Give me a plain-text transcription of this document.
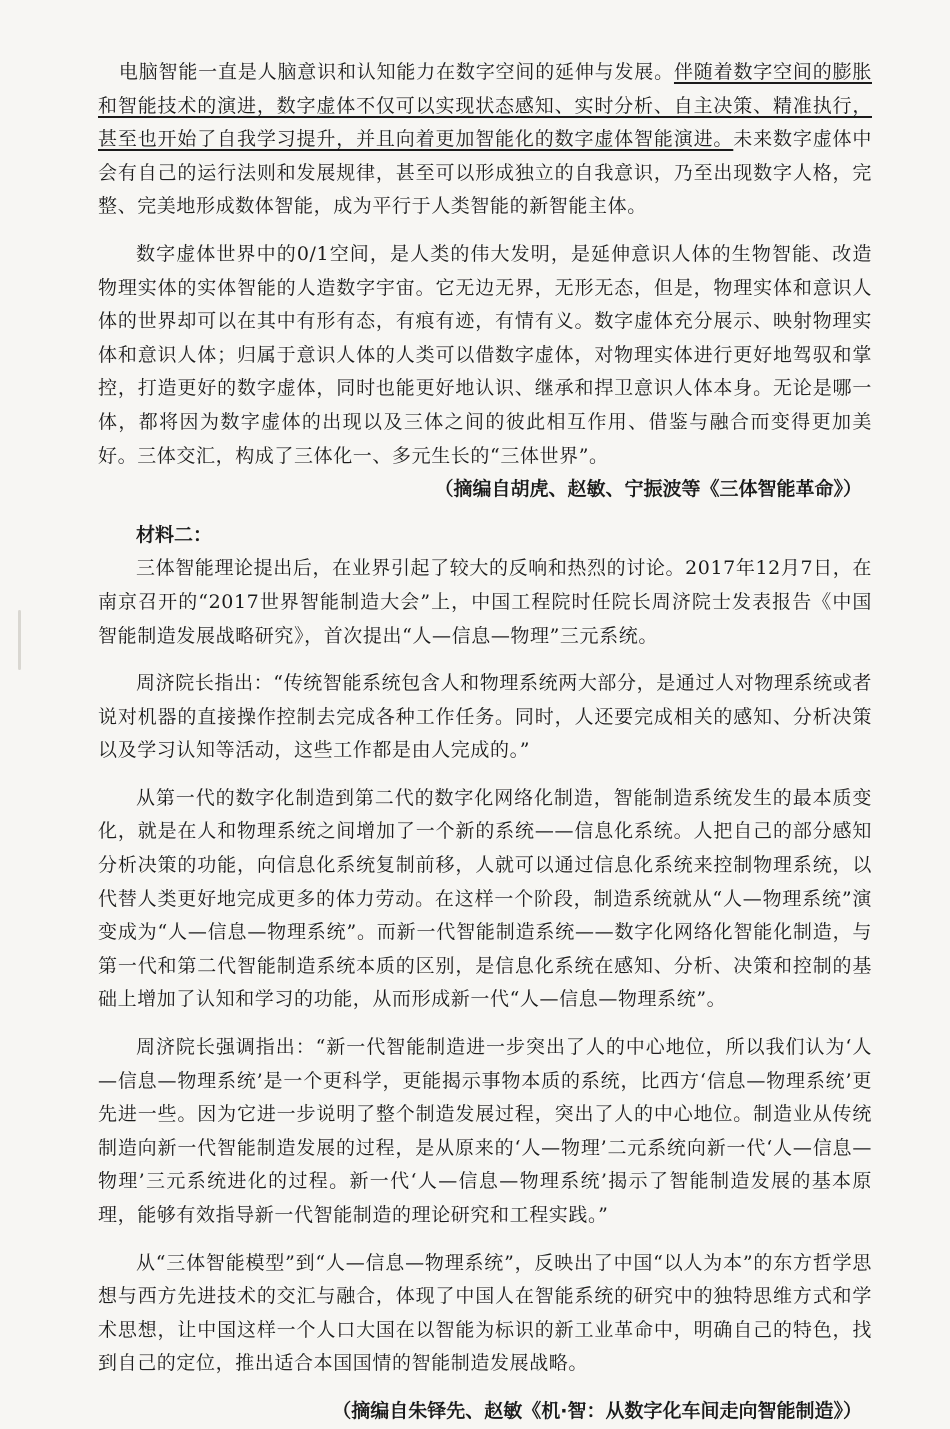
电脑智能一直是人脑意识和认知能力在数字空间的延伸与发展。伴随着数字空间的膨胀和智能技术的演进，数字虚体不仅可以实现状态感知、实时分析、自主决策、精准执行，甚至也开始了自我学习提升，并且向着更加智能化的数字虚体智能演进。未来数字虚体中会有自己的运行法则和发展规律，甚至可以形成独立的自我意识，乃至出现数字人格，完整、完美地形成数体智能，成为平行于人类智能的新智能主体。

数字虚体世界中的0/1空间，是人类的伟大发明，是延伸意识人体的生物智能、改造物理实体的实体智能的人造数字宇宙。它无边无界，无形无态，但是，物理实体和意识人体的世界却可以在其中有形有态，有痕有迹，有情有义。数字虚体充分展示、映射物理实体和意识人体；归属于意识人体的人类可以借数字虚体，对物理实体进行更好地驾驭和掌控，打造更好的数字虚体，同时也能更好地认识、继承和捍卫意识人体本身。无论是哪一体，都将因为数字虚体的出现以及三体之间的彼此相互作用、借鉴与融合而变得更加美好。三体交汇，构成了三体化一、多元生长的“三体世界”。

（摘编自胡虎、赵敏、宁振波等《三体智能革命》）

材料二：

三体智能理论提出后，在业界引起了较大的反响和热烈的讨论。2017年12月7日，在南京召开的“2017世界智能制造大会”上，中国工程院时任院长周济院士发表报告《中国智能制造发展战略研究》，首次提出“人—信息—物理”三元系统。

周济院长指出：“传统智能系统包含人和物理系统两大部分，是通过人对物理系统或者说对机器的直接操作控制去完成各种工作任务。同时，人还要完成相关的感知、分析决策以及学习认知等活动，这些工作都是由人完成的。”

从第一代的数字化制造到第二代的数字化网络化制造，智能制造系统发生的最本质变化，就是在人和物理系统之间增加了一个新的系统——信息化系统。人把自己的部分感知分析决策的功能，向信息化系统复制前移，人就可以通过信息化系统来控制物理系统，以代替人类更好地完成更多的体力劳动。在这样一个阶段，制造系统就从“人—物理系统”演变成为“人—信息—物理系统”。而新一代智能制造系统——数字化网络化智能化制造，与第一代和第二代智能制造系统本质的区别，是信息化系统在感知、分析、决策和控制的基础上增加了认知和学习的功能，从而形成新一代“人—信息—物理系统”。

周济院长强调指出：“新一代智能制造进一步突出了人的中心地位，所以我们认为‘人—信息—物理系统’是一个更科学，更能揭示事物本质的系统，比西方‘信息—物理系统’更先进一些。因为它进一步说明了整个制造发展过程，突出了人的中心地位。制造业从传统制造向新一代智能制造发展的过程，是从原来的‘人—物理’二元系统向新一代‘人—信息—物理’三元系统进化的过程。新一代‘人—信息—物理系统’揭示了智能制造发展的基本原理，能够有效指导新一代智能制造的理论研究和工程实践。”

从“三体智能模型”到“人—信息—物理系统”，反映出了中国“以人为本”的东方哲学思想与西方先进技术的交汇与融合，体现了中国人在智能系统的研究中的独特思维方式和学术思想，让中国这样一个人口大国在以智能为标识的新工业革命中，明确自己的特色，找到自己的定位，推出适合本国国情的智能制造发展战略。

（摘编自朱铎先、赵敏《机·智：从数字化车间走向智能制造》）
